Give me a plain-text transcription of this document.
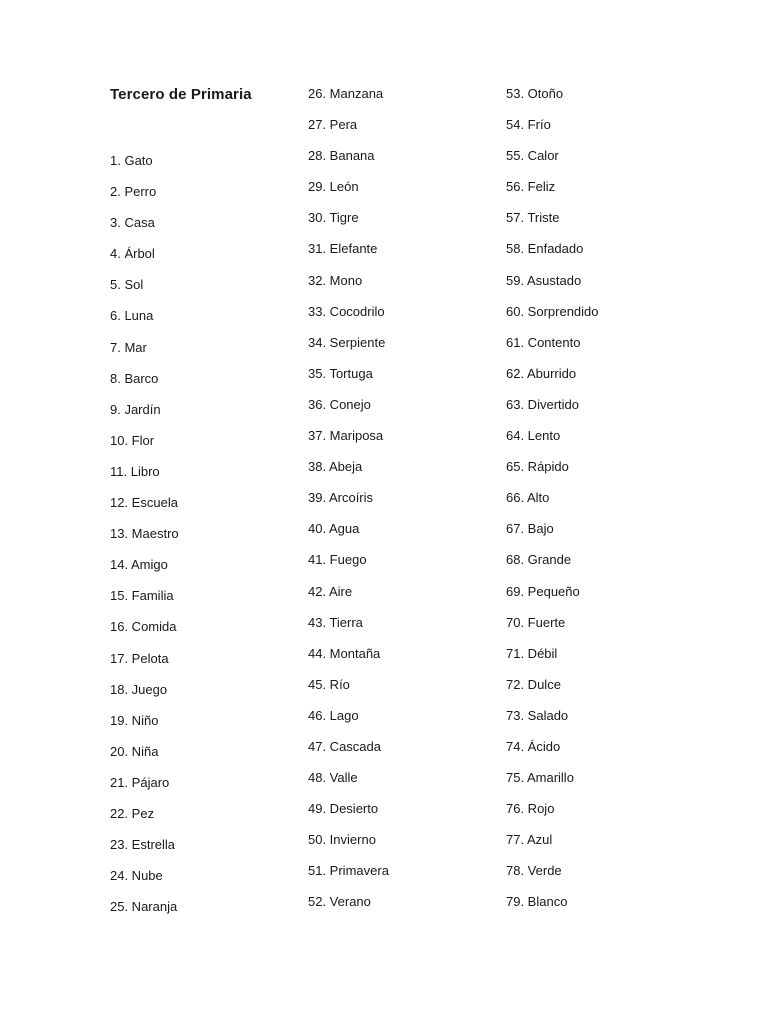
Tercero de Primaria
1. Gato
2. Perro
3. Casa
4. Árbol
5. Sol
6. Luna
7. Mar
8. Barco
9. Jardín
10. Flor
11. Libro
12. Escuela
13. Maestro
14. Amigo
15. Familia
16. Comida
17. Pelota
18. Juego
19. Niño
20. Niña
21. Pájaro
22. Pez
23. Estrella
24. Nube
25. Naranja
26. Manzana
27. Pera
28. Banana
29. León
30. Tigre
31. Elefante
32. Mono
33. Cocodrilo
34. Serpiente
35. Tortuga
36. Conejo
37. Mariposa
38. Abeja
39. Arcoíris
40. Agua
41. Fuego
42. Aire
43. Tierra
44. Montaña
45. Río
46. Lago
47. Cascada
48. Valle
49. Desierto
50. Invierno
51. Primavera
52. Verano
53. Otoño
54. Frío
55. Calor
56. Feliz
57. Triste
58. Enfadado
59. Asustado
60. Sorprendido
61. Contento
62. Aburrido
63. Divertido
64. Lento
65. Rápido
66. Alto
67. Bajo
68. Grande
69. Pequeño
70. Fuerte
71. Débil
72. Dulce
73. Salado
74. Ácido
75. Amarillo
76. Rojo
77. Azul
78. Verde
79. Blanco
